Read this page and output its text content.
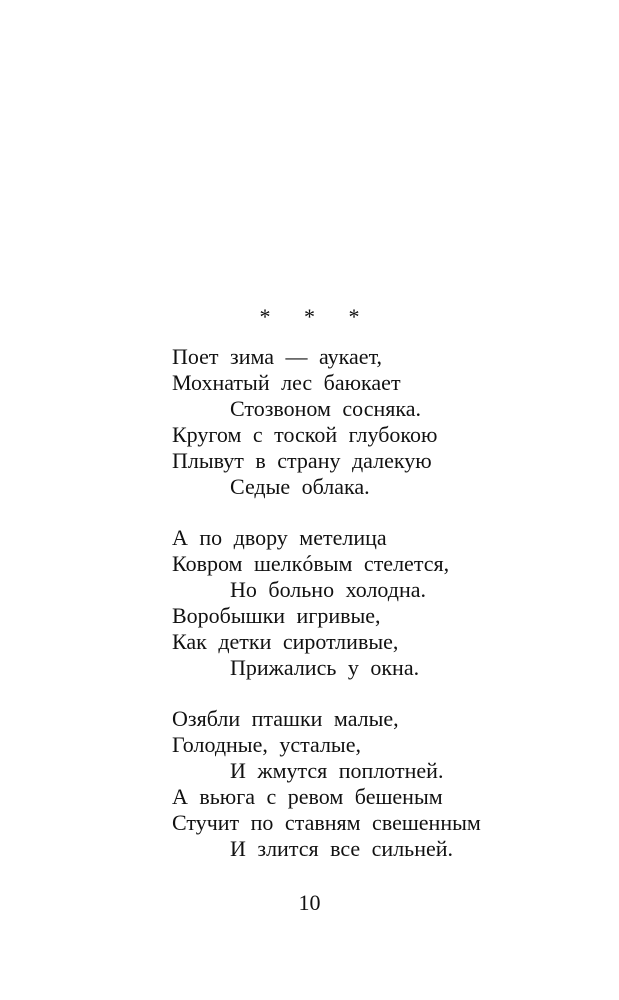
* * *
Поет зима — аукает,
Мохнатый лес баюкает
Стозвоном сосняка.
Кругом с тоской глубокою
Плывут в страну далекую
Седые облака.
А по двору метелица
Ковром шелкóвым стелется,
Но больно холодна.
Воробышки игривые,
Как детки сиротливые,
Прижались у окна.
Озябли пташки малые,
Голодные, усталые,
И жмутся поплотней.
А вьюга с ревом бешеным
Стучит по ставням свешенным
И злится все сильней.
10
